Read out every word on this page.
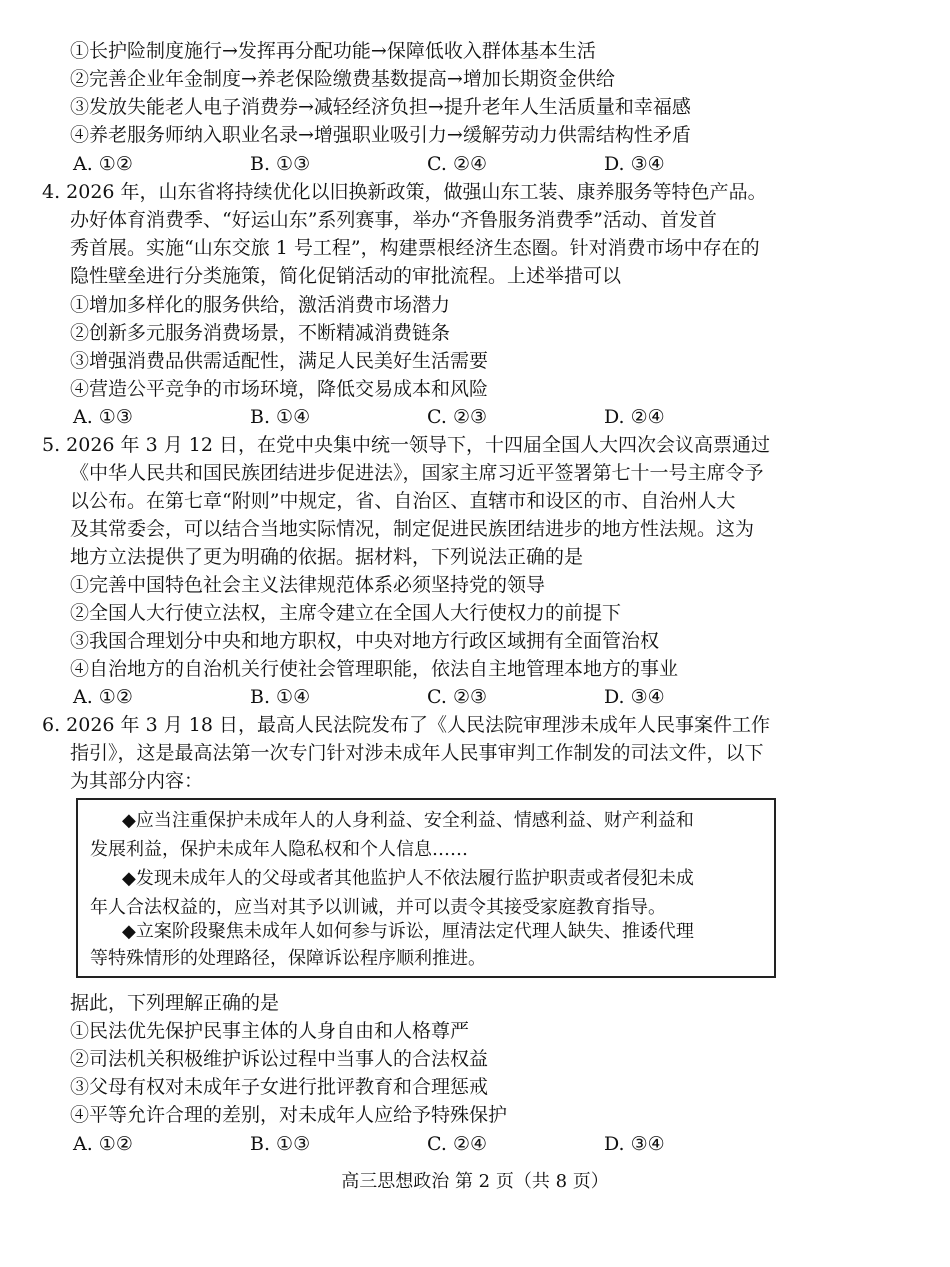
①长护险制度施行→发挥再分配功能→保障低收入群体基本生活
②完善企业年金制度→养老保险缴费基数提高→增加长期资金供给
③发放失能老人电子消费券→减轻经济负担→提升老年人生活质量和幸福感
④养老服务师纳入职业名录→增强职业吸引力→缓解劳动力供需结构性矛盾
A. ①②	B. ①③	C. ②④	D. ③④
4. 2026 年，山东省将持续优化以旧换新政策，做强山东工装、康养服务等特色产品。
办好体育消费季、“好运山东”系列赛事，举办“齐鲁服务消费季”活动、首发首
秀首展。实施“山东交旅 1 号工程”，构建票根经济生态圈。针对消费市场中存在的
隐性壁垒进行分类施策，简化促销活动的审批流程。上述举措可以
①增加多样化的服务供给，激活消费市场潜力
②创新多元服务消费场景，不断精减消费链条
③增强消费品供需适配性，满足人民美好生活需要
④营造公平竞争的市场环境，降低交易成本和风险
A. ①③	B. ①④	C. ②③	D. ②④
5. 2026 年 3 月 12 日，在党中央集中统一领导下，十四届全国人大四次会议高票通过
《中华人民共和国民族团结进步促进法》，国家主席习近平签署第七十一号主席令予
以公布。在第七章“附则”中规定，省、自治区、直辖市和设区的市、自治州人大
及其常委会，可以结合当地实际情况，制定促进民族团结进步的地方性法规。这为
地方立法提供了更为明确的依据。据材料，下列说法正确的是
①完善中国特色社会主义法律规范体系必须坚持党的领导
②全国人大行使立法权，主席令建立在全国人大行使权力的前提下
③我国合理划分中央和地方职权，中央对地方行政区域拥有全面管治权
④自治地方的自治机关行使社会管理职能，依法自主地管理本地方的事业
A. ①②	B. ①④	C. ②③	D. ③④
6. 2026 年 3 月 18 日，最高人民法院发布了《人民法院审理涉未成年人民事案件工作
指引》，这是最高法第一次专门针对涉未成年人民事审判工作制发的司法文件，以下
为其部分内容：
◆应当注重保护未成年人的人身利益、安全利益、情感利益、财产利益和
发展利益，保护未成年人隐私权和个人信息……
◆发现未成年人的父母或者其他监护人不依法履行监护职责或者侵犯未成
年人合法权益的，应当对其予以训诫，并可以责令其接受家庭教育指导。
◆立案阶段聚焦未成年人如何参与诉讼，厘清法定代理人缺失、推诿代理
等特殊情形的处理路径，保障诉讼程序顺利推进。
据此，下列理解正确的是
①民法优先保护民事主体的人身自由和人格尊严
②司法机关积极维护诉讼过程中当事人的合法权益
③父母有权对未成年子女进行批评教育和合理惩戒
④平等允许合理的差别，对未成年人应给予特殊保护
A. ①②	B. ①③	C. ②④	D. ③④
高三思想政治 第 2 页（共 8 页）
